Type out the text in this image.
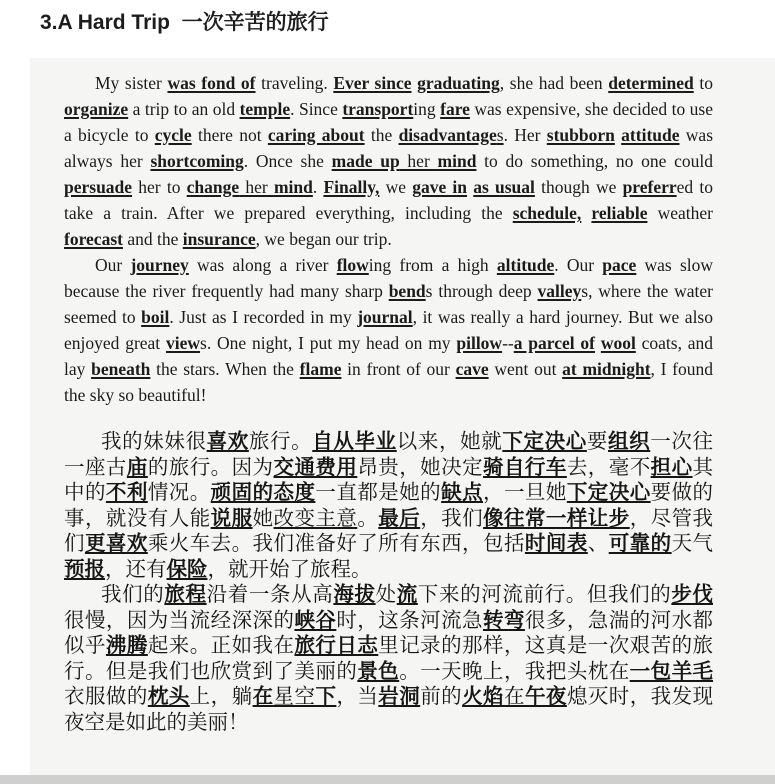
3.A Hard Trip  一次辛苦的旅行

My sister was fond of traveling. Ever since graduating, she had been determined to organize a trip to an old temple. Since transporting fare was expensive, she decided to use a bicycle to cycle there not caring about the disadvantages. Her stubborn attitude was always her shortcoming. Once she made up her mind to do something, no one could persuade her to change her mind. Finally, we gave in as usual though we preferred to take a train. After we prepared everything, including the schedule, reliable weather forecast and the insurance, we began our trip.

Our journey was along a river flowing from a high altitude. Our pace was slow because the river frequently had many sharp bends through deep valleys, where the water seemed to boil. Just as I recorded in my journal, it was really a hard journey. But we also enjoyed great views. One night, I put my head on my pillow--a parcel of wool coats, and lay beneath the stars. When the flame in front of our cave went out at midnight, I found the sky so beautiful!

我的妹妹很喜欢旅行。自从毕业以来，她就下定决心要组织一次往一座古庙的旅行。因为交通费用昂贵，她决定骑自行车去，毫不担心其中的不利情况。顽固的态度一直都是她的缺点，一旦她下定决心要做的事，就没有人能说服她改变主意。最后，我们像往常一样让步，尽管我们更喜欢乘火车去。我们准备好了所有东西，包括时间表、可靠的天气预报，还有保险，就开始了旅程。

我们的旅程沿着一条从高海拔处流下来的河流前行。但我们的步伐很慢，因为当流经深深的峡谷时，这条河流急转弯很多，急湍的河水都似乎沸腾起来。正如我在旅行日志里记录的那样，这真是一次艰苦的旅行。但是我们也欣赏到了美丽的景色。一天晚上，我把头枕在一包羊毛衣服做的枕头上，躺在星空下，当岩洞前的火焰在午夜熄灭时，我发现夜空是如此的美丽！
